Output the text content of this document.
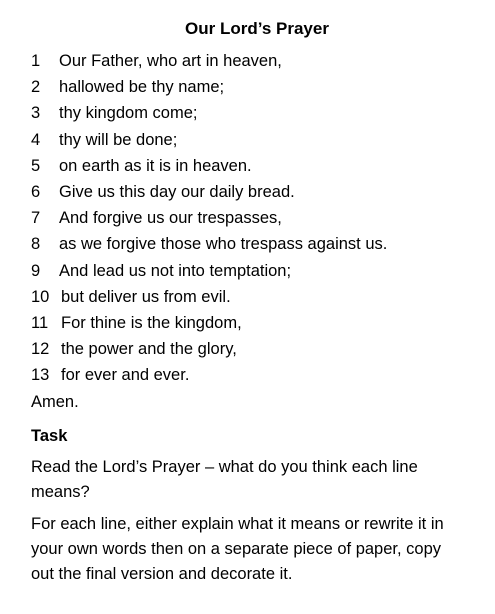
Our Lord’s Prayer
1	Our Father, who art in heaven,
2	hallowed be thy name;
3	thy kingdom come;
4	thy will be done;
5	on earth as it is in heaven.
6	Give us this day our daily bread.
7	And forgive us our trespasses,
8	as we forgive those who trespass against us.
9	And lead us not into temptation;
10 but deliver us from evil.
11 For thine is the kingdom,
12 the power and the glory,
13 for ever and ever.

Amen.

Task

Read the Lord’s Prayer – what do you think each line means?

For each line, either explain what it means or rewrite it in your own words then on a separate piece of paper, copy out the final version and decorate it.
